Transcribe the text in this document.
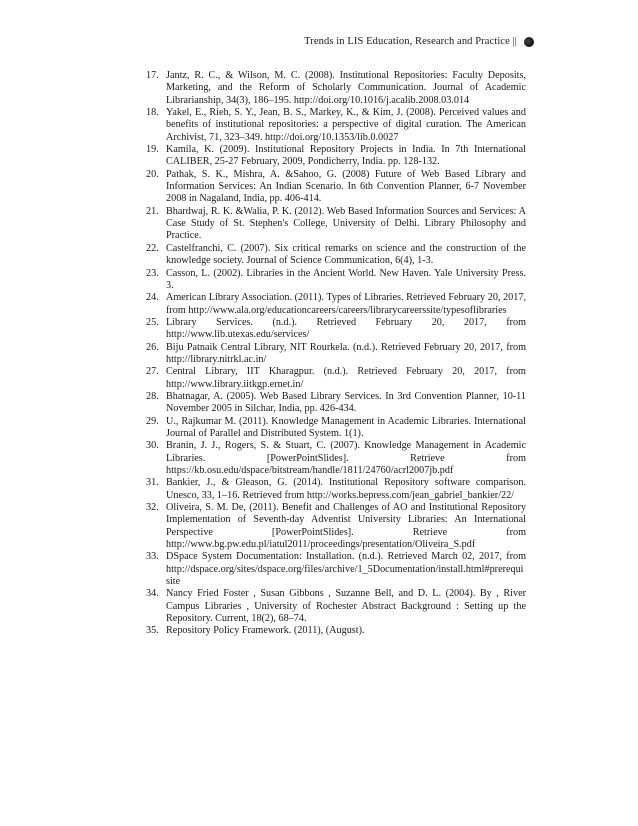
Trends in LIS Education, Research and Practice ||
17. Jantz, R. C., & Wilson, M. C. (2008). Institutional Repositories: Faculty Deposits, Marketing, and the Reform of Scholarly Communication. Journal of Academic Librarianship, 34(3), 186–195. http://doi.org/10.1016/j.acalib.2008.03.014
18. Yakel, E., Rieh, S. Y., Jean, B. S., Markey, K., & Kim, J. (2008). Perceived values and benefits of institutional repositories: a perspective of digital curation. The American Archivist, 71, 323–349. http://doi.org/10.1353/lib.0.0027
19. Kamila, K. (2009). Institutional Repository Projects in India. In 7th International CALIBER, 25-27 February, 2009, Pondicherry, India. pp. 128-132.
20. Pathak, S. K., Mishra, A. &Sahoo, G. (2008) Future of Web Based Library and Information Services: An Indian Scenario. In 6th Convention Planner, 6-7 November 2008 in Nagaland, India, pp. 406-414.
21. Bhardwaj, R. K. &Walia, P. K. (2012). Web Based Information Sources and Services: A Case Study of St. Stephen's College, University of Delhi. Library Philosophy and Practice.
22. Castelfranchi, C. (2007). Six critical remarks on science and the construction of the knowledge society. Journal of Science Communication, 6(4), 1-3.
23. Casson, L. (2002). Libraries in the Ancient World. New Haven. Yale University Press. 3.
24. American Library Association. (2011). Types of Libraries. Retrieved February 20, 2017, from http://www.ala.org/educationcareers/careers/librarycareerssite/typesoflibraries
25. Library Services. (n.d.). Retrieved February 20, 2017, from http://www.lib.utexas.edu/services/
26. Biju Patnaik Central Library, NIT Rourkela. (n.d.). Retrieved February 20, 2017, from http://library.nitrkl.ac.in/
27. Central Library, IIT Kharagpur. (n.d.). Retrieved February 20, 2017, from http://www.library.iitkgp.ernet.in/
28. Bhatnagar, A. (2005). Web Based Library Services. In 3rd Convention Planner, 10-11 November 2005 in Silchar, India, pp. 426-434.
29. U., Rajkumar M. (2011). Knowledge Management in Academic Libraries. International Journal of Parallel and Distributed System. 1(1).
30. Branin, J. J., Rogers, S. & Stuart, C. (2007). Knowledge Management in Academic Libraries. [PowerPointSlides]. Retrieve from https://kb.osu.edu/dspace/bitstream/handle/1811/24760/acrl2007jb.pdf
31. Bankier, J., & Gleason, G. (2014). Institutional Repository software comparison. Unesco, 33, 1–16. Retrieved from http://works.bepress.com/jean_gabriel_bankier/22/
32. Oliveira, S. M. De, (2011). Benefit and Challenges of AO and Institutional Repository Implementation of Seventh-day Adventist University Libraries: An International Perspective [PowerPointSlides]. Retrieve from http://www.bg.pw.edu.pl/iatul2011/proceedings/presentation/Oliveira_S.pdf
33. DSpace System Documentation: Installation. (n.d.). Retrieved March 02, 2017, from http://dspace.org/sites/dspace.org/files/archive/1_5Documentation/install.html#prerequisite
34. Nancy Fried Foster , Susan Gibbons , Suzanne Bell, and D. L. (2004). By , River Campus Libraries , University of Rochester Abstract Background : Setting up the Repository. Current, 18(2), 68–74.
35. Repository Policy Framework. (2011), (August).
